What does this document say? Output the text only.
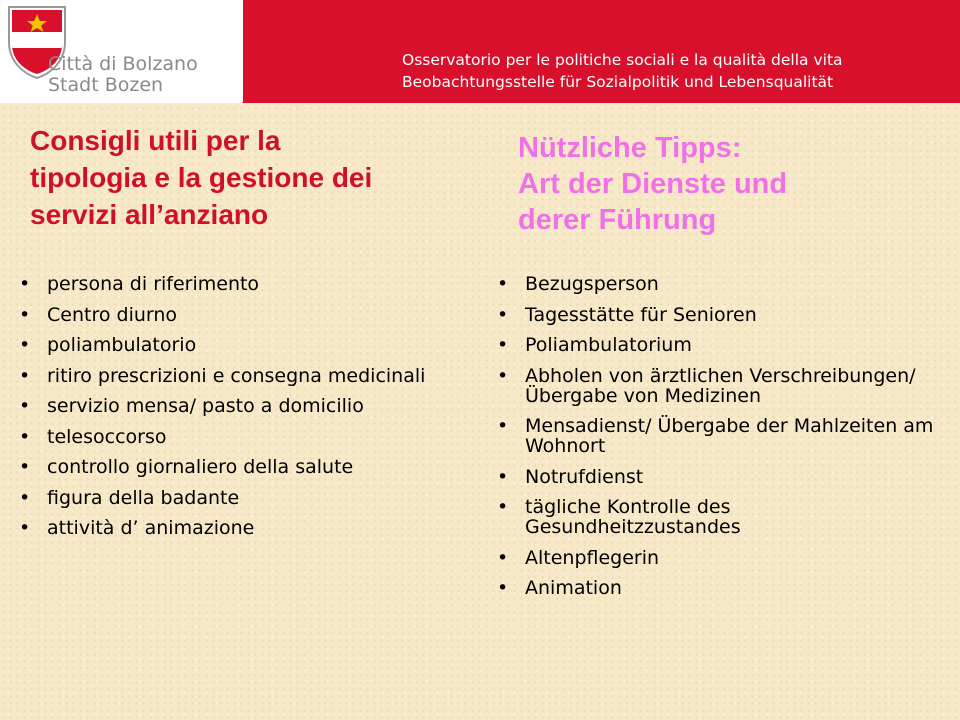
Città di Bolzano
Stadt Bozen
Osservatorio per le politiche sociali e la qualità della vita
Beobachtungsstelle für Sozialpolitik und Lebensqualität
Consigli utili per la
tipologia e la gestione dei
servizi all’anziano
Nützliche Tipps:
Art der Dienste und
derer Führung
• persona di riferimento
• Centro diurno
• poliambulatorio
• ritiro prescrizioni e consegna medicinali
• servizio mensa/ pasto a domicilio
• telesoccorso
• controllo giornaliero della salute
• figura della badante
• attività d’ animazione
• Bezugsperson
• Tagesstätte für Senioren
• Poliambulatorium
• Abholen von ärztlichen Verschreibungen/ Übergabe von Medizinen
• Mensadienst/ Übergabe der Mahlzeiten am Wohnort
• Notrufdienst
• tägliche Kontrolle des Gesundheitzzustandes
• Altenpflegerin
• Animation
